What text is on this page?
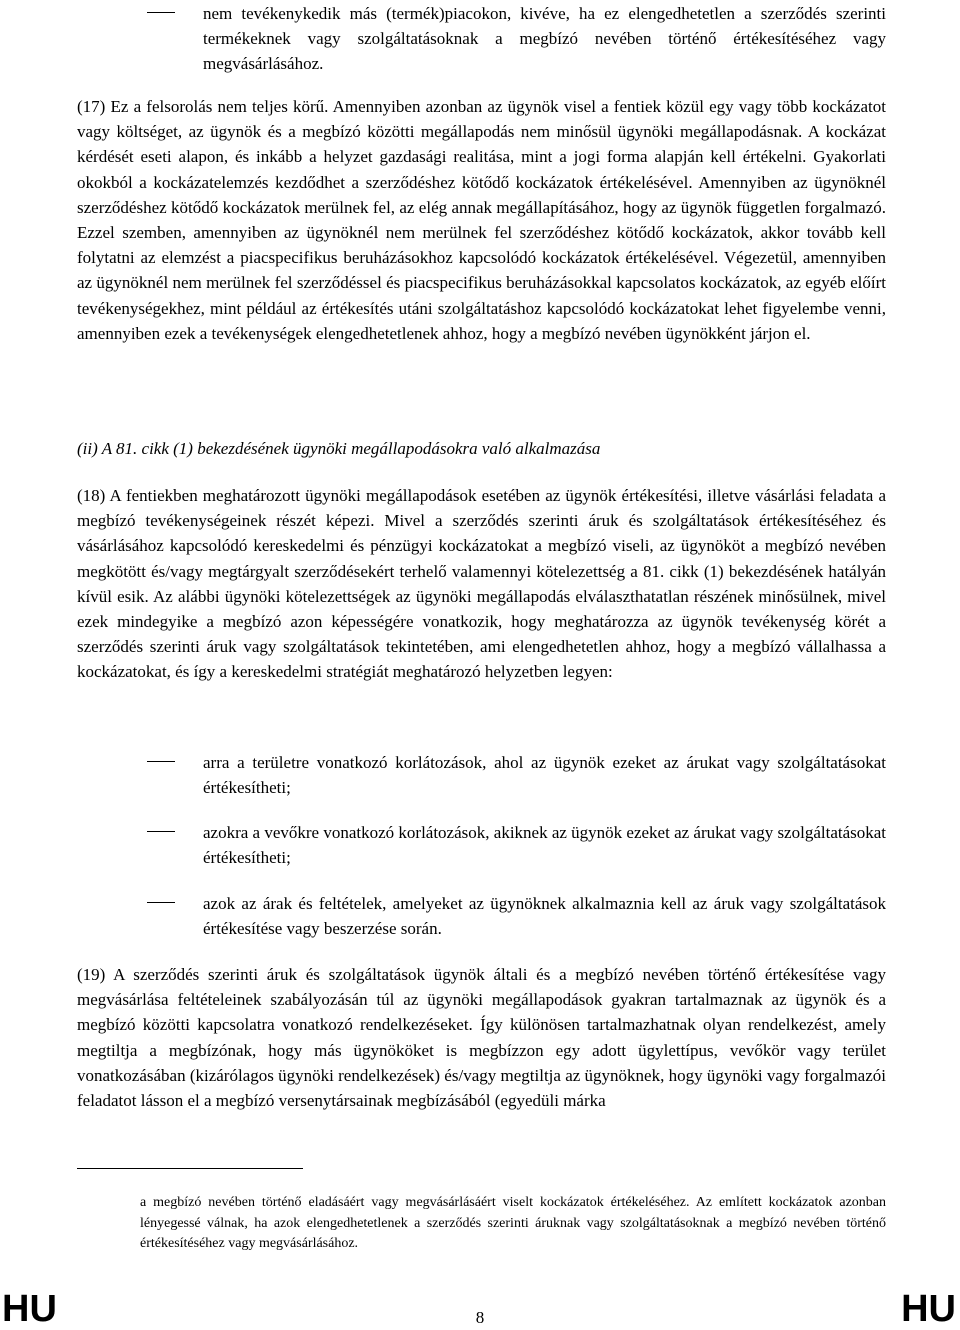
nem tevékenykedik más (termék)piacokon, kivéve, ha ez elengedhetetlen a szerződés szerinti termékeknek vagy szolgáltatásoknak a megbízó nevében történő értékesítéséhez vagy megvásárlásához.
(17) Ez a felsorolás nem teljes körű. Amennyiben azonban az ügynök visel a fentiek közül egy vagy több kockázatot vagy költséget, az ügynök és a megbízó közötti megállapodás nem minősül ügynöki megállapodásnak. A kockázat kérdését eseti alapon, és inkább a helyzet gazdasági realitása, mint a jogi forma alapján kell értékelni. Gyakorlati okokból a kockázatelemzés kezdődhet a szerződéshez kötődő kockázatok értékelésével. Amennyiben az ügynöknél szerződéshez kötődő kockázatok merülnek fel, az elég annak megállapításához, hogy az ügynök független forgalmazó. Ezzel szemben, amennyiben az ügynöknél nem merülnek fel szerződéshez kötődő kockázatok, akkor tovább kell folytatni az elemzést a piacspecifikus beruházásokhoz kapcsolódó kockázatok értékelésével. Végezetül, amennyiben az ügynöknél nem merülnek fel szerződéssel és piacspecifikus beruházásokkal kapcsolatos kockázatok, az egyéb előírt tevékenységekhez, mint például az értékesítés utáni szolgáltatáshoz kapcsolódó kockázatokat lehet figyelembe venni, amennyiben ezek a tevékenységek elengedhetetlenek ahhoz, hogy a megbízó nevében ügynökként járjon el.
(ii) A 81. cikk (1) bekezdésének ügynöki megállapodásokra való alkalmazása
(18) A fentiekben meghatározott ügynöki megállapodások esetében az ügynök értékesítési, illetve vásárlási feladata a megbízó tevékenységeinek részét képezi. Mivel a szerződés szerinti áruk és szolgáltatások értékesítéséhez és vásárlásához kapcsolódó kereskedelmi és pénzügyi kockázatokat a megbízó viseli, az ügynököt a megbízó nevében megkötött és/vagy megtárgyalt szerződésekért terhelő valamennyi kötelezettség a 81. cikk (1) bekezdésének hatályán kívül esik. Az alábbi ügynöki kötelezettségek az ügynöki megállapodás elválaszthatatlan részének minősülnek, mivel ezek mindegyike a megbízó azon képességére vonatkozik, hogy meghatározza az ügynök tevékenység körét a szerződés szerinti áruk vagy szolgáltatások tekintetében, ami elengedhetetlen ahhoz, hogy a megbízó vállalhassa a kockázatokat, és így a kereskedelmi stratégiát meghatározó helyzetben legyen:
arra a területre vonatkozó korlátozások, ahol az ügynök ezeket az árukat vagy szolgáltatásokat értékesítheti;
azokra a vevőkre vonatkozó korlátozások, akiknek az ügynök ezeket az árukat vagy szolgáltatásokat értékesítheti;
azok az árak és feltételek, amelyeket az ügynöknek alkalmaznia kell az áruk vagy szolgáltatások értékesítése vagy beszerzése során.
(19) A szerződés szerinti áruk és szolgáltatások ügynök általi és a megbízó nevében történő értékesítése vagy megvásárlása feltételeinek szabályozásán túl az ügynöki megállapodások gyakran tartalmaznak az ügynök és a megbízó közötti kapcsolatra vonatkozó rendelkezéseket. Így különösen tartalmazhatnak olyan rendelkezést, amely megtiltja a megbízónak, hogy más ügynököket is megbízzon egy adott ügylettípus, vevőkör vagy terület vonatkozásában (kizárólagos ügynöki rendelkezések) és/vagy megtiltja az ügynöknek, hogy ügynöki vagy forgalmazói feladatot lásson el a megbízó versenytársainak megbízásából (egyedüli márka
a megbízó nevében történő eladásáért vagy megvásárlásáért viselt kockázatok értékeléséhez. Az említett kockázatok azonban lényegessé válnak, ha azok elengedhetetlenek a szerződés szerinti áruknak vagy szolgáltatásoknak a megbízó nevében történő értékesítéséhez vagy megvásárlásához.
HU	8	HU
